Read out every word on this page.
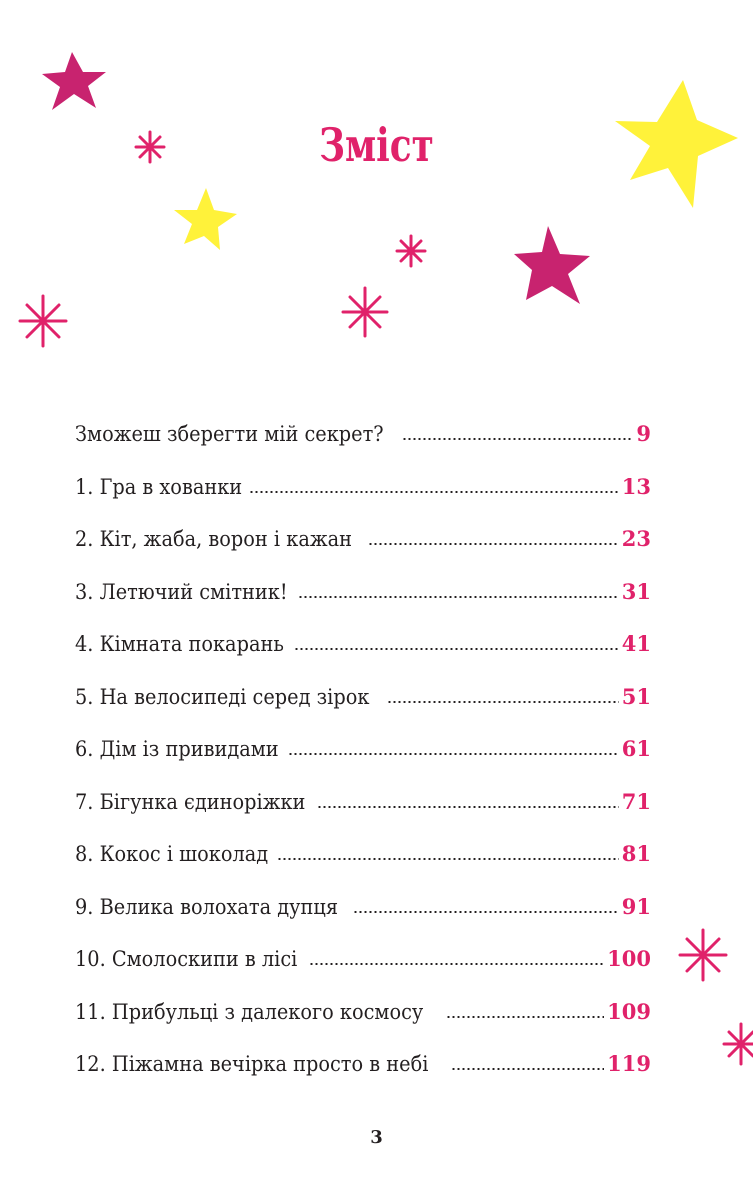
Зміст
Зможеш зберегти мій секрет?	9
1. Гра в хованки	13
2. Кіт, жаба, ворон і кажан	23
3. Летючий смітник!	31
4. Кімната покарань	41
5. На велосипеді серед зірок	51
6. Дім із привидами	61
7. Бігунка єдиноріжки	71
8. Кокос і шоколад	81
9. Велика волохата дупця	91
10. Смолоскипи в лісі	100
11. Прибульці з далекого космосу	109
12. Піжамна вечірка просто в небі	119
3
